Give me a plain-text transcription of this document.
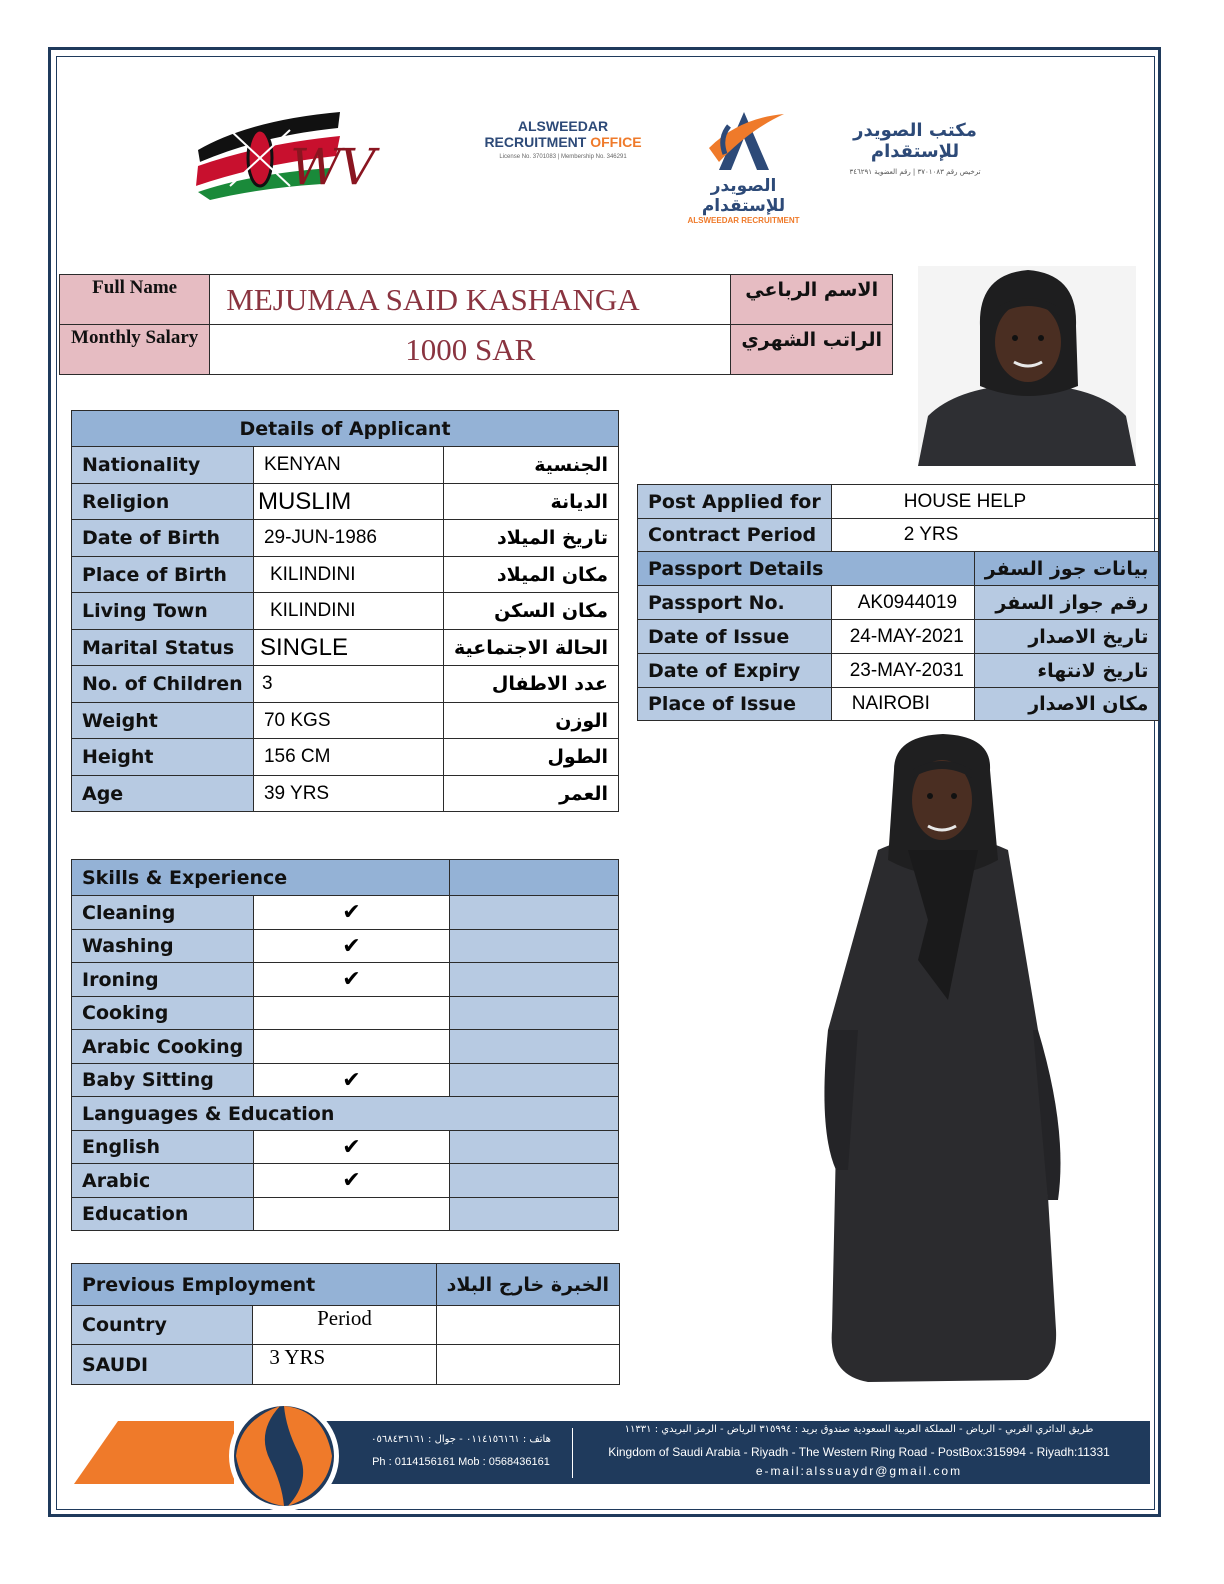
WV
ALSWEEDAR
RECRUITMENT OFFICE
License No. 3701083 | Membership No. 346291
الصويدر للإستقدام
ALSWEEDAR RECRUITMENT
مكتب الصويدر للإستقدام
ترخيص رقم ٣٧٠١٠٨٣ | رقم العضوية ٣٤٦٢٩١
Full Name	MEJUMAA SAID KASHANGA	الاسم الرباعي
Monthly Salary	1000 SAR	الراتب الشهري
Details of Applicant		
Nationality	KENYAN	الجنسية
Religion	MUSLIM	الديانة
Date of Birth	29-JUN-1986	تاريخ الميلاد
Place of Birth	KILINDINI	مكان الميلاد
Living Town	KILINDINI	مكان السكن
Marital Status	SINGLE	الحالة الاجتماعية
No. of Children	3	عدد الاطفال
Weight	70 KGS	الوزن
Height	156 CM	الطول
Age	39 YRS	العمر
Post Applied for	HOUSE HELP	
Contract Period	2 YRS	
Passport Details		بيانات جوز السفر
Passport No.	AK0944019	رقم جواز السفر
Date of Issue	24-MAY-2021	تاريخ الاصدار
Date of Expiry	23-MAY-2031	تاريخ لانتهاء
Place of Issue	NAIROBI	مكان الاصدار
Skills & Experience		
Cleaning	✔	
Washing	✔	
Ironing	✔	
Cooking		
Arabic Cooking		
Baby Sitting	✔	
Languages & Education		
English	✔	
Arabic	✔	
Education		
Previous Employment		الخبرة خارج البلاد
Country	Period	
SAUDI	3 YRS	
هاتف : ٠١١٤١٥٦١٦١ - جوال : ٠٥٦٨٤٣٦١٦١
Ph : 0114156161 Mob : 0568436161
طريق الدائري الغربي - الرياض - المملكة العربية السعودية صندوق بريد : ٣١٥٩٩٤ الرياض - الرمز البريدي : ١١٣٣١
Kingdom of Saudi Arabia - Riyadh - The Western Ring Road - PostBox:315994 - Riyadh:11331
e-mail:alssuaydr@gmail.com
